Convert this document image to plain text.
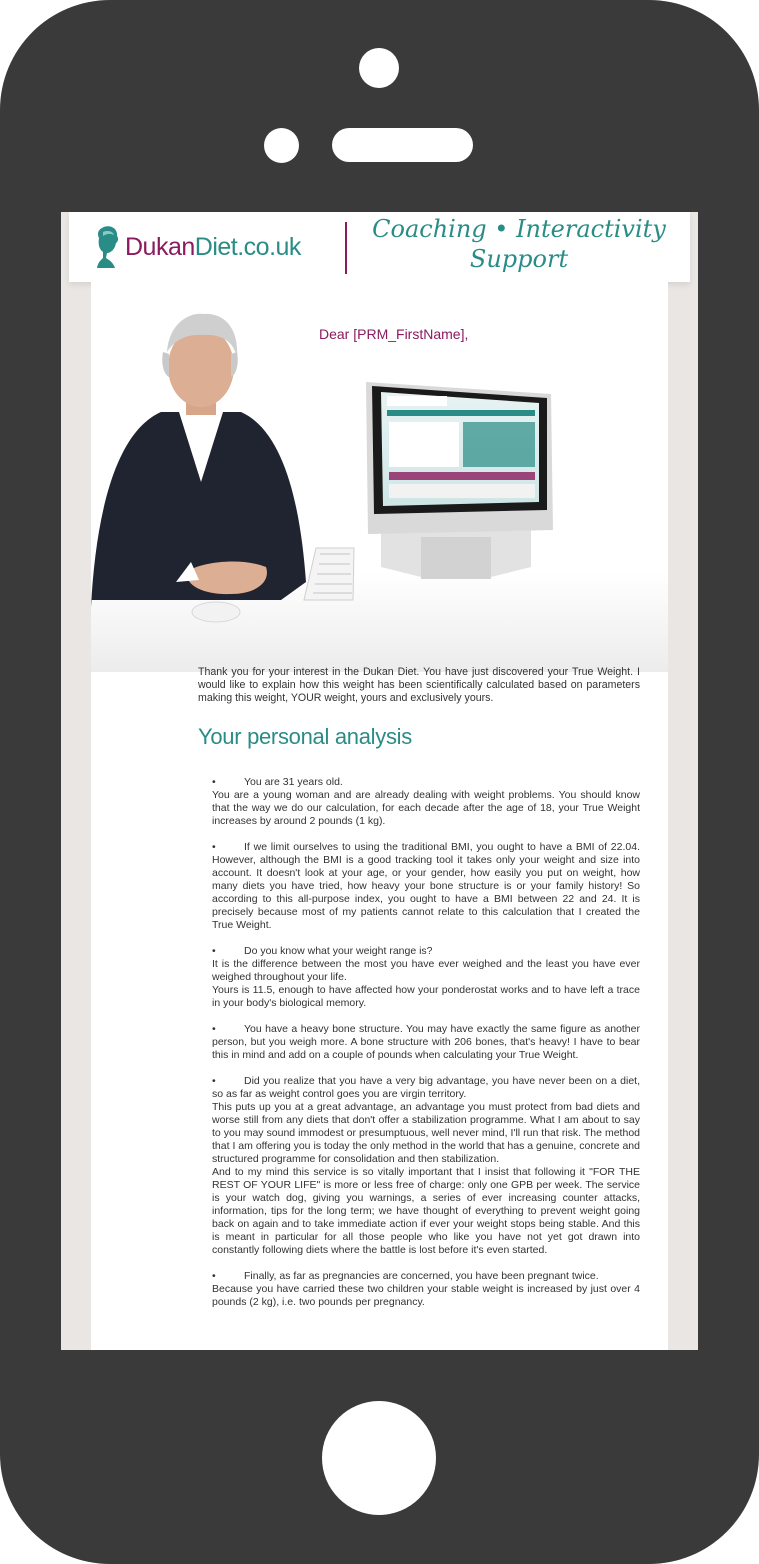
DukanDiet.co.uk
Coaching • Interactivity
Support
Dear [PRM_FirstName],
Thank you for your interest in the Dukan Diet. You have just discovered your True Weight. I would like to explain how this weight has been scientifically calculated based on parameters making this weight, YOUR weight, yours and exclusively yours.
Your personal analysis

• You are 31 years old.

You are a young woman and are already dealing with weight problems. You should know that the way we do our calculation, for each decade after the age of 18, your True Weight increases by around 2 pounds (1 kg).

• If we limit ourselves to using the traditional BMI, you ought to have a BMI of 22.04. However, although the BMI is a good tracking tool it takes only your weight and size into account. It doesn't look at your age, or your gender, how easily you put on weight, how many diets you have tried, how heavy your bone structure is or your family history! So according to this all-purpose index, you ought to have a BMI between 22 and 24. It is precisely because most of my patients cannot relate to this calculation that I created the True Weight.

• Do you know what your weight range is?

It is the difference between the most you have ever weighed and the least you have ever weighed throughout your life.

Yours is 11.5, enough to have affected how your ponderostat works and to have left a trace in your body's biological memory.

• You have a heavy bone structure. You may have exactly the same figure as another person, but you weigh more. A bone structure with 206 bones, that's heavy! I have to bear this in mind and add on a couple of pounds when calculating your True Weight.

• Did you realize that you have a very big advantage, you have never been on a diet, so as far as weight control goes you are virgin territory.

This puts up you at a great advantage, an advantage you must protect from bad diets and worse still from any diets that don't offer a stabilization programme. What I am about to say to you may sound immodest or presumptuous, well never mind, I'll run that risk. The method that I am offering you is today the only method in the world that has a genuine, concrete and structured programme for consolidation and then stabilization.

And to my mind this service is so vitally important that I insist that following it "FOR THE REST OF YOUR LIFE" is more or less free of charge: only one GPB per week. The service is your watch dog, giving you warnings, a series of ever increasing counter attacks, information, tips for the long term; we have thought of everything to prevent weight going back on again and to take immediate action if ever your weight stops being stable. And this is meant in particular for all those people who like you have not yet got drawn into constantly following diets where the battle is lost before it's even started.

• Finally, as far as pregnancies are concerned, you have been pregnant twice.

Because you have carried these two children your stable weight is increased by just over 4 pounds (2 kg), i.e. two pounds per pregnancy.
